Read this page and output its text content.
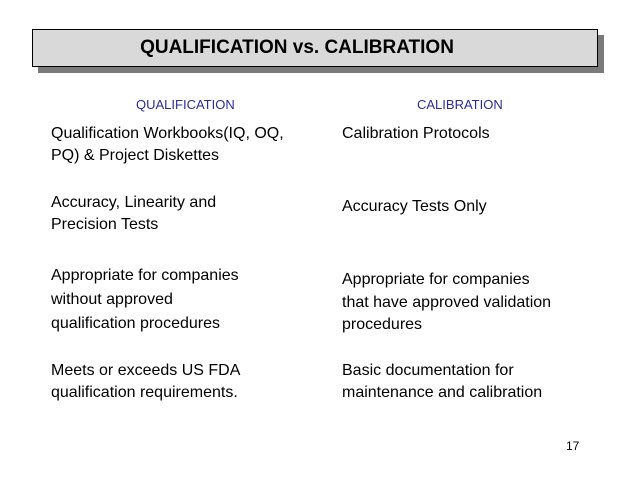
QUALIFICATION vs. CALIBRATION
QUALIFICATION	CALIBRATION
Qualification Workbooks(IQ, OQ,
PQ) & Project Diskettes
Calibration Protocols
Accuracy, Linearity and
Precision Tests
Accuracy Tests Only
Appropriate for companies
without approved
qualification procedures
Appropriate for companies
that have approved validation
procedures
Meets or exceeds US FDA
qualification requirements.
Basic documentation for
maintenance and calibration
17
